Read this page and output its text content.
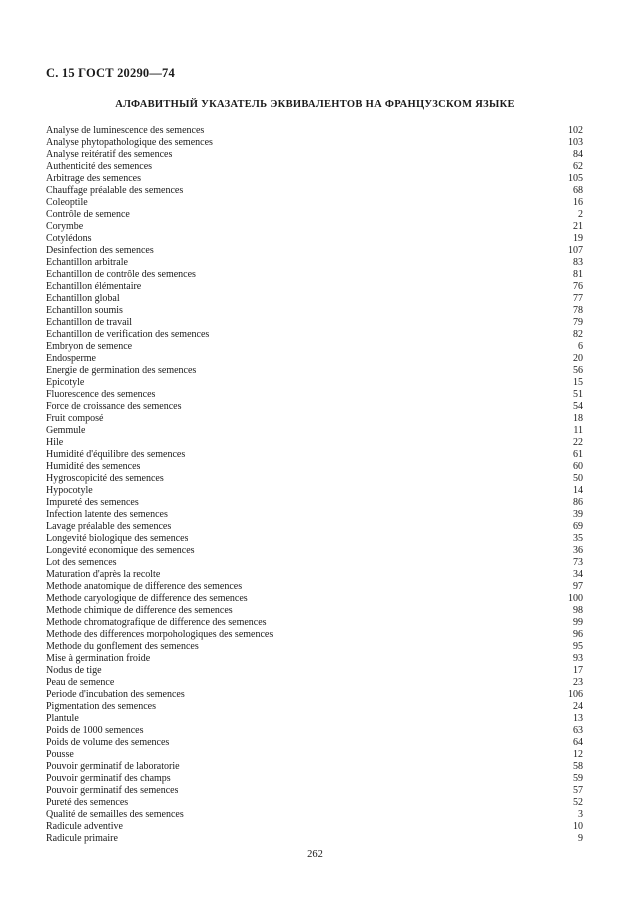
С. 15 ГОСТ 20290—74
АЛФАВИТНЫЙ УКАЗАТЕЛЬ ЭКВИВАЛЕНТОВ НА ФРАНЦУЗСКОМ ЯЗЫКЕ
Analyse de luminescence des semences	102
Analyse phytopathologique des semences	103
Analyse reitératif des semences	84
Authenticité des semences	62
Arbitrage des semences	105
Chauffage préalable des semences	68
Coleoptile	16
Contrôle de semence	2
Corymbe	21
Cotylédons	19
Desinfection des semences	107
Echantillon arbitrale	83
Echantillon de contrôle des semences	81
Echantillon élémentaire	76
Echantillon global	77
Echantillon soumis	78
Echantillon de travail	79
Echantillon de verification des semences	82
Embryon de semence	6
Endosperme	20
Energie de germination des semences	56
Epicotyle	15
Fluorescence des semences	51
Force de croissance des semences	54
Fruit composé	18
Gemmule	11
Hile	22
Humidité d'équilibre des semences	61
Humidité des semences	60
Hygroscopicité des semences	50
Hypocotyle	14
Impureté des semences	86
Infection latente des semences	39
Lavage préalable des semences	69
Longevité biologique des semences	35
Longevité economique des semences	36
Lot des semences	73
Maturation d'après la recolte	34
Methode anatomique de difference des semences	97
Methode caryologique de difference des semences	100
Methode chimique de difference des semences	98
Methode chromatografique de difference des semences	99
Methode des differences morpohologiques des semences	96
Methode du gonflement des semences	95
Mise à germination froide	93
Nodus de tige	17
Peau de semence	23
Periode d'incubation des semences	106
Pigmentation des semences	24
Plantule	13
Poids de 1000 semences	63
Poids de volume des semences	64
Pousse	12
Pouvoir germinatif de laboratorie	58
Pouvoir germinatif des champs	59
Pouvoir germinatif des semences	57
Pureté des semences	52
Qualité de semailles des semences	3
Radicule adventive	10
Radicule primaire	9
262
